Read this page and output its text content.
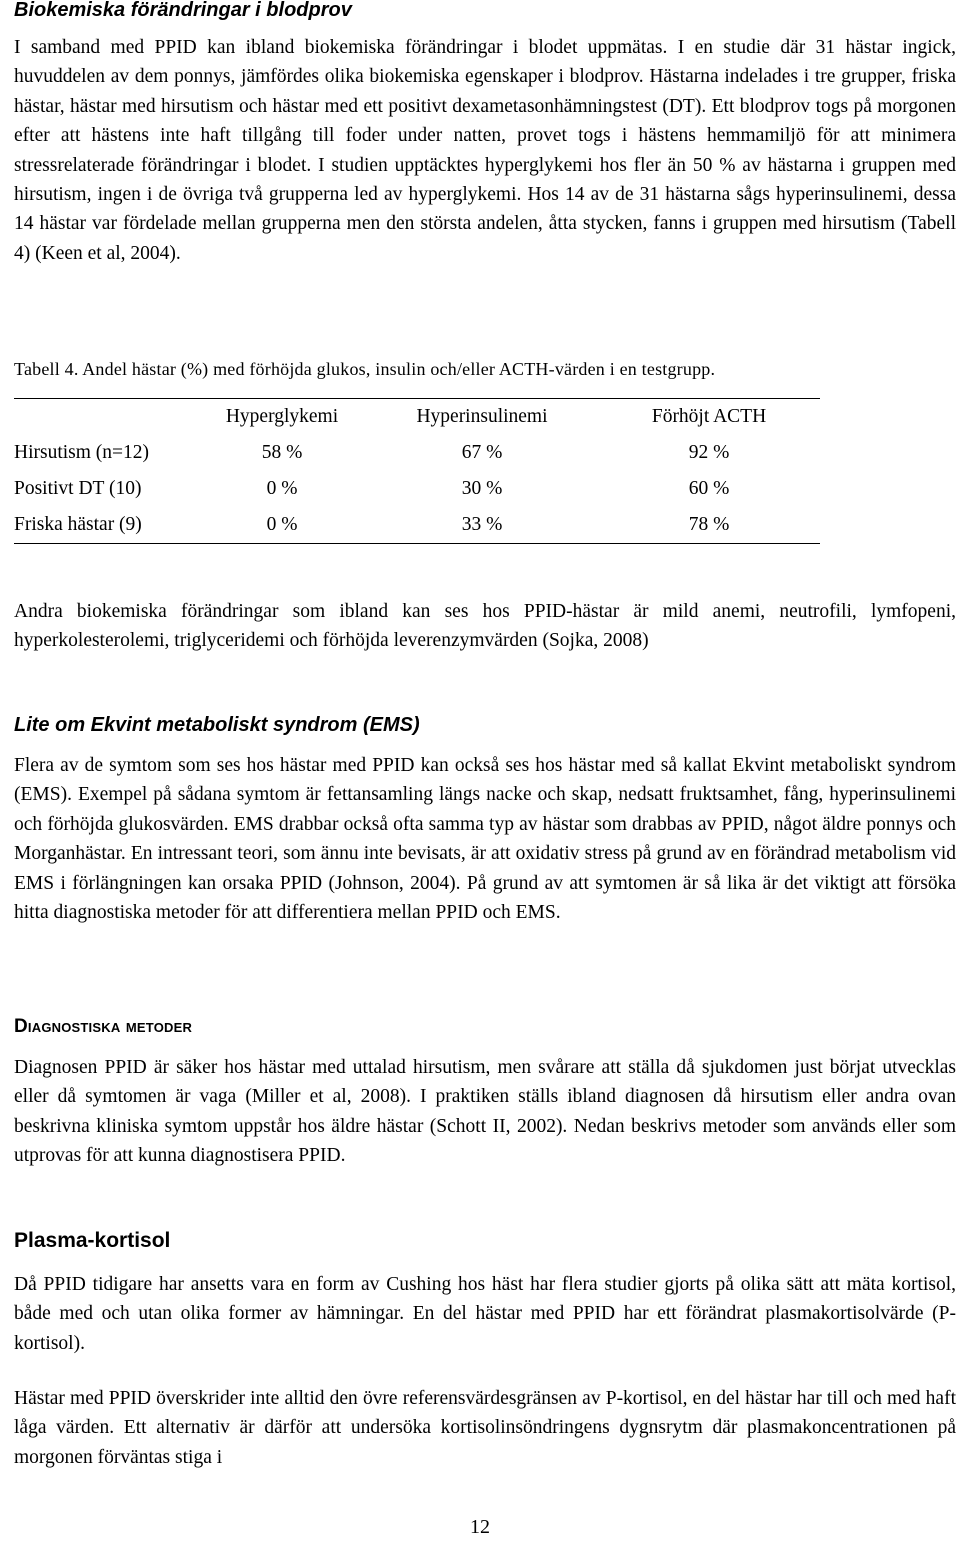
Biokemiska förändringar i blodprov

I samband med PPID kan ibland biokemiska förändringar i blodet uppmätas. I en studie där 31 hästar ingick, huvuddelen av dem ponnys, jämfördes olika biokemiska egenskaper i blodprov. Hästarna indelades i tre grupper, friska hästar, hästar med hirsutism och hästar med ett positivt dexametasonhämningstest (DT). Ett blodprov togs på morgonen efter att hästens inte haft tillgång till foder under natten, provet togs i hästens hemmamiljö för att minimera stressrelaterade förändringar i blodet. I studien upptäcktes hyperglykemi hos fler än 50 % av hästarna i gruppen med hirsutism, ingen i de övriga två grupperna led av hyperglykemi. Hos 14 av de 31 hästarna sågs hyperinsulinemi, dessa 14 hästar var fördelade mellan grupperna men den största andelen, åtta stycken, fanns i gruppen med hirsutism (Tabell 4) (Keen et al, 2004).

Tabell 4. Andel hästar (%) med förhöjda glukos, insulin och/eller ACTH-värden i en testgrupp.

	Hyperglykemi	Hyperinsulinemi	Förhöjt ACTH
Hirsutism (n=12)	58 %	67 %	92 %
Positivt DT (10)	0 %	30 %	60 %
Friska hästar (9)	0 %	33 %	78 %

Andra biokemiska förändringar som ibland kan ses hos PPID-hästar är mild anemi, neutrofili, lymfopeni, hyperkolesterolemi, triglyceridemi och förhöjda leverenzymvärden (Sojka, 2008)

Lite om Ekvint metaboliskt syndrom (EMS)

Flera av de symtom som ses hos hästar med PPID kan också ses hos hästar med så kallat Ekvint metaboliskt syndrom (EMS). Exempel på sådana symtom är fettansamling längs nacke och skap, nedsatt fruktsamhet, fång, hyperinsulinemi och förhöjda glukosvärden. EMS drabbar också ofta samma typ av hästar som drabbas av PPID, något äldre ponnys och Morganhästar. En intressant teori, som ännu inte bevisats, är att oxidativ stress på grund av en förändrad metabolism vid EMS i förlängningen kan orsaka PPID (Johnson, 2004). På grund av att symtomen är så lika är det viktigt att försöka hitta diagnostiska metoder för att differentiera mellan PPID och EMS.

Diagnostiska metoder

Diagnosen PPID är säker hos hästar med uttalad hirsutism, men svårare att ställa då sjukdomen just börjat utvecklas eller då symtomen är vaga (Miller et al, 2008). I praktiken ställs ibland diagnosen då hirsutism eller andra ovan beskrivna kliniska symtom uppstår hos äldre hästar (Schott II, 2002). Nedan beskrivs metoder som används eller som utprovas för att kunna diagnostisera PPID.

Plasma-kortisol

Då PPID tidigare har ansetts vara en form av Cushing hos häst har flera studier gjorts på olika sätt att mäta kortisol, både med och utan olika former av hämningar. En del hästar med PPID har ett förändrat plasmakortisolvärde (P-kortisol).

Hästar med PPID överskrider inte alltid den övre referensvärdesgränsen av P-kortisol, en del hästar har till och med haft låga värden. Ett alternativ är därför att undersöka kortisolinsöndringens dygnsrytm där plasmakoncentrationen på morgonen förväntas stiga i

12
